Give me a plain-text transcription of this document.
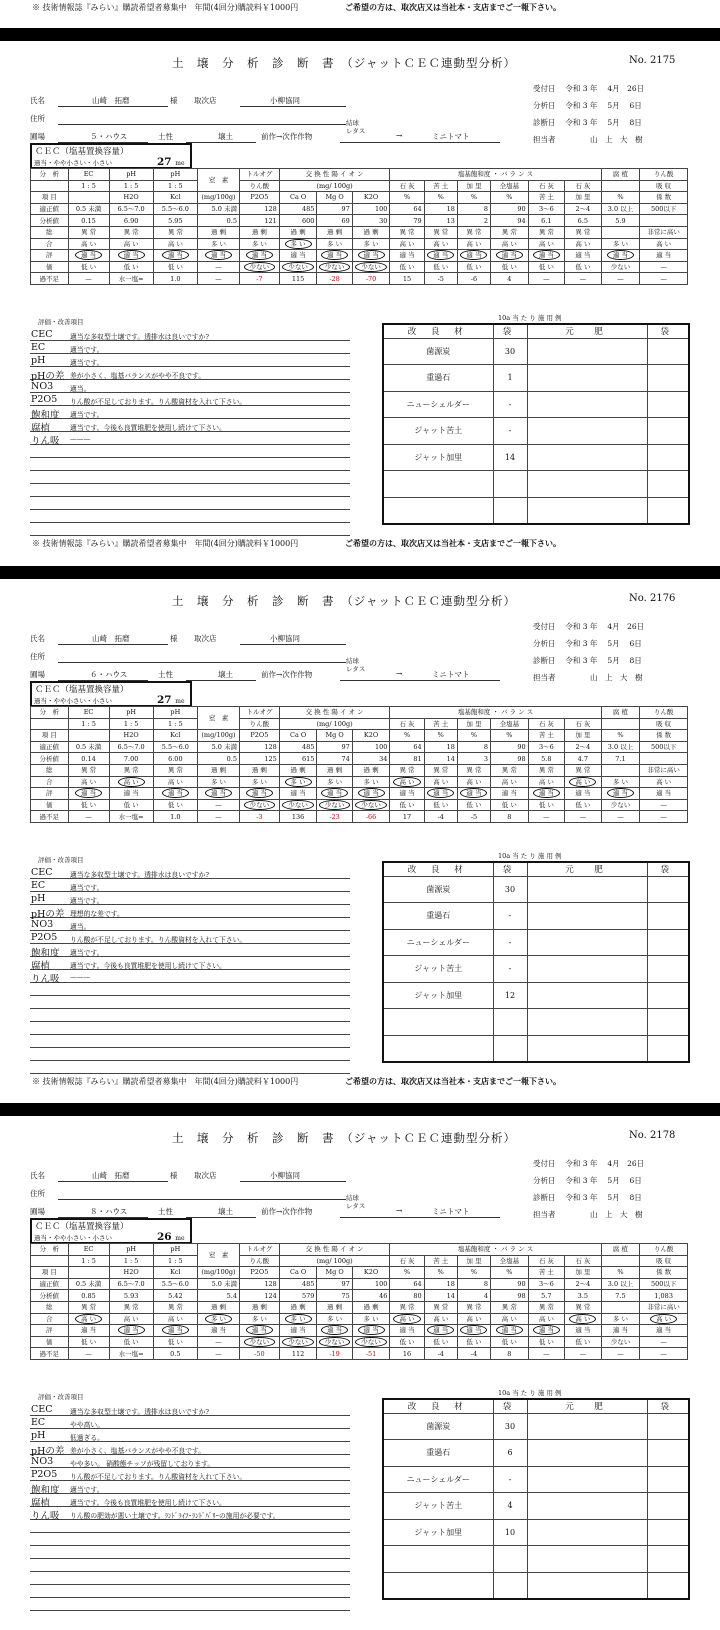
※ 技術情報誌『みらい』購読希望者募集中　年間(4回分)購読料￥1000円	ご希望の方は、取次店又は当社本・支店までご一報下さい。
土　壌　分　析　診　断　書　（ジャットＣＥＣ連動型分析）	No. 2175
受付日　 令和 3 年　 4月　26日
分析日　 令和 3 年　 5月　 6日
診断日　 令和 3 年　 5月　 8日
担当者	山　上　大　樹
氏名	山崎　拓磨	様 取次店	小柳協同
住所
圃場	５・ハウス	土性	壌土	前作→次作作物
結球
レタス	→	ミニトマト
ＣＥＣ（塩基置換容量）
過当・やや小さい・小さい	27 me
分　析	EC	pH	pH	窒　素	トルオグ	交 換 性 陽 イ オ ン			塩基飽和度 ・ バ ラ ン ス						腐 植	りん酸
	1 : 5	1 : 5	1 : 5		りん酸	(mg/ 100g)			石 灰	苦 土	加 里	全塩基	石 灰	石 灰		吸 収
項 目		H2O	Kcl	(mg/100g)	P2O5	Ca O	Mg O	K2O	%	%	%	%	苦 土	加 里	%	係 数
適正値	0.5 未満	6.5〜7.0	5.5〜6.0	5.0 未満	128	485	97	100	64	18	8	90	3〜6	2〜4	3.0 以上	500以下
分析値	0.15	6.90	5.95	0.5	121	600	69	30	79	13	2	94	6.1	6.5	5.9	
総	異 常	異 常	異 常	過 剰	過 剰	過 剰	過 剰	過 剰	異 常	異 常	異 常	異 常	異 常	異 常		非常に高い
合	高 い	高 い	高 い	多 い	多 い	多 い	多 い	多 い	高 い	高 い	高 い	高 い	高 い	高 い	多 い	高 い
評	適 当	適 当	適 当	適 当	適 当	適 当	適 当	適 当	適 当	適 当	適 当	適 当	適 当	適 当	適 当	適 当
価	低 い	低 い	低 い	—	少ない	少ない	少ない	少ない	低 い	低 い	低 い	低 い	低 い	低 い	少ない	—
過不足	—	水一塩=	1.0	—	-7	115	-28	-70	15	-5	-6	4	—	—	—	—
評価・改善項目	10a 当 た り 施 用 例
CEC	適当な多収型土壌です。透排水は良いですか?
EC	適当です。
pH	適当です。
pHの差 差が小さく、塩基バランスがやや不良です。
NO3 適当。
P2O5 りん酸が不足しております。りん酸資材を入れて下さい。
飽和度 適当です。
腐植	適当です。今後も良質堆肥を使用し続けて下さい。
りん吸 ———
改 良 材	袋	元　肥	袋
菌源炭	30		
重過石	1		
ニューシェルダー	-		
ジャット苦土	-		
ジャット加里	14		

※ 技術情報誌『みらい』購読希望者募集中　年間(4回分)購読料￥1000円	ご希望の方は、取次店又は当社本・支店までご一報下さい。
土　壌　分　析　診　断　書　（ジャットＣＥＣ連動型分析）	No. 2176
受付日　 令和 3 年　 4月　26日
分析日　 令和 3 年　 5月　 6日
診断日　 令和 3 年　 5月　 8日
担当者	山　上　大　樹
氏名	山崎　拓磨	様 取次店	小柳協同
住所
圃場	６・ハウス	土性	壌土	前作→次作作物
結球
レタス	→	ミニトマト
ＣＥＣ（塩基置換容量）
過当・やや小さい・小さい	27 me
分　析	EC	pH	pH	窒　素	トルオグ	交 換 性 陽 イ オ ン			塩基飽和度 ・ バ ラ ン ス						腐 植	りん酸
	1 : 5	1 : 5	1 : 5		りん酸	(mg/ 100g)			石 灰	苦 土	加 里	全塩基	石 灰	石 灰		吸 収
項 目		H2O	Kcl	(mg/100g)	P2O5	Ca O	Mg O	K2O	%	%	%	%	苦 土	加 里	%	係 数
適正値	0.5 未満	6.5〜7.0	5.5〜6.0	5.0 未満	128	485	97	100	64	18	8	90	3〜6	2〜4	3.0 以上	500以下
分析値	0.14	7.00	6.00	0.5	125	615	74	34	81	14	3	98	5.8	4.7	7.1	
総	異 常	異 常	異 常	過 剰	過 剰	過 剰	過 剰	過 剰	異 常	異 常	異 常	異 常	異 常	異 常		非常に高い
合	高 い	高 い	高 い	多 い	多 い	多 い	多 い	多 い	高 い	高 い	高 い	高 い	高 い	高 い	多 い	高 い
評	適 当	適 当	適 当	適 当	適 当	適 当	適 当	適 当	適 当	適 当	適 当	適 当	適 当	適 当	適 当	適 当
価	低 い	低 い	低 い	—	少ない	少ない	少ない	少ない	低 い	低 い	低 い	低 い	低 い	低 い	少ない	—
過不足	—	水一塩=	1.0	—	-3	136	-23	-66	17	-4	-5	8	—	—	—	—
評価・改善項目	10a 当 た り 施 用 例
CEC	適当な多収型土壌です。透排水は良いですか?
EC	適当です。
pH	適当です。
pHの差 理想的な差です。
NO3 適当。
P2O5 りん酸が不足しております。りん酸資材を入れて下さい。
飽和度 適当です。
腐植	適当です。今後も良質堆肥を使用し続けて下さい。
りん吸 ———
改 良 材	袋	元　肥	袋
菌源炭	30		
重過石	-		
ニューシェルダー	-		
ジャット苦土	-		
ジャット加里	12		

※ 技術情報誌『みらい』購読希望者募集中　年間(4回分)購読料￥1000円	ご希望の方は、取次店又は当社本・支店までご一報下さい。
土　壌　分　析　診　断　書　（ジャットＣＥＣ連動型分析）	No. 2178
受付日　 令和 3 年　 4月　26日
分析日　 令和 3 年　 5月　 6日
診断日　 令和 3 年　 5月　 8日
担当者	山　上　大　樹
氏名	山崎　拓磨	様 取次店	小柳協同
住所
圃場	８・ハウス	土性	壌土	前作→次作作物
結球
レタス	→	ミニトマト
ＣＥＣ（塩基置換容量）
過当・やや小さい・小さい	26 me
分　析	EC	pH	pH	窒　素	トルオグ	交 換 性 陽 イ オ ン			塩基飽和度 ・ バ ラ ン ス						腐 植	りん酸
	1 : 5	1 : 5	1 : 5		りん酸	(mg/ 100g)			石 灰	苦 土	加 里	全塩基	石 灰	石 灰		吸 収
項 目		H2O	Kcl	(mg/100g)	P2O5	Ca O	Mg O	K2O	%	%	%	%	苦 土	加 里	%	係 数
適正値	0.5 未満	6.5〜7.0	5.5〜6.0	5.0 未満	128	485	97	100	64	18	8	90	3〜6	2〜4	3.0 以上	500以下
分析値	0.85	5.93	5.42	5.4	124	579	75	46	80	14	4	98	5.7	3.5	7.5	1,083
総	異 常	異 常	異 常	過 剰	過 剰	過 剰	過 剰	過 剰	異 常	異 常	異 常	異 常	異 常	異 常		非常に高い
合	高 い	高 い	高 い	多 い	多 い	多 い	多 い	多 い	高 い	高 い	高 い	高 い	高 い	高 い	多 い	高 い
評	適 当	適 当	適 当	適 当	適 当	適 当	適 当	適 当	適 当	適 当	適 当	適 当	適 当	適 当	適 当	適 当
価	低 い	低 い	低 い	—	少ない	少ない	少ない	少ない	低 い	低 い	低 い	低 い	低 い	低 い	少ない	—
過不足	—	水一塩=	0.5	—	-50	112	-19	-51	16	-4	-4	8	—	—	—	—
評価・改善項目	10a 当 た り 施 用 例
CEC	適当な多収型土壌です。透排水は良いですか?
EC	やや高い。
pH	低過ぎる。
pHの差 差が小さく、塩基バランスがやや不良です。
NO3 やや多い。 硝酸態チッソが残留しております。
P2O5 りん酸が不足しております。りん酸資材を入れて下さい。
飽和度 適当です。
腐植	適当です。今後も良質堆肥を使用し続けて下さい。
りん吸 りん酸の肥効が悪い土壌です。ﾗﾝﾄﾞﾗｲﾌ･ﾗﾝﾄﾞﾊﾞﾘｰの施用が必要です。
改 良 材	袋	元　肥	袋
菌源炭	30		
重過石	6		
ニューシェルダー	-		
ジャット苦土	4		
ジャット加里	10		
